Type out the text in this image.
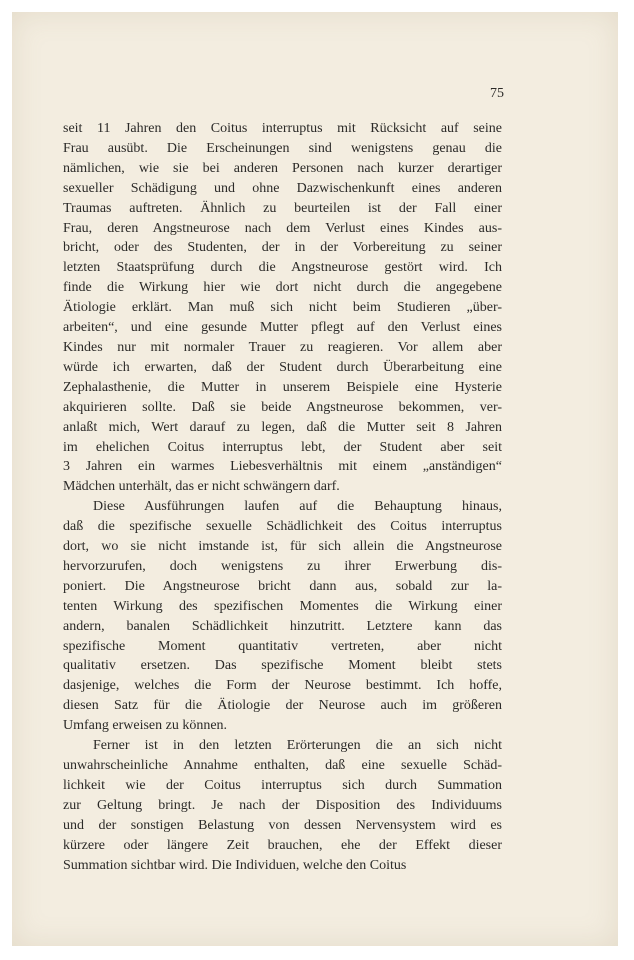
75

seit 11 Jahren den Coitus interruptus mit Rücksicht auf seine
Frau ausübt. Die Erscheinungen sind wenigstens genau die
nämlichen, wie sie bei anderen Personen nach kurzer derartiger
sexueller Schädigung und ohne Dazwischenkunft eines anderen
Traumas auftreten. Ähnlich zu beurteilen ist der Fall einer
Frau, deren Angstneurose nach dem Verlust eines Kindes aus-
bricht, oder des Studenten, der in der Vorbereitung zu seiner
letzten Staatsprüfung durch die Angstneurose gestört wird. Ich
finde die Wirkung hier wie dort nicht durch die angegebene
Ätiologie erklärt. Man muß sich nicht beim Studieren „über-
arbeiten“, und eine gesunde Mutter pflegt auf den Verlust eines
Kindes nur mit normaler Trauer zu reagieren. Vor allem aber
würde ich erwarten, daß der Student durch Überarbeitung eine
Zephalasthenie, die Mutter in unserem Beispiele eine Hysterie
akquirieren sollte. Daß sie beide Angstneurose bekommen, ver-
anlaßt mich, Wert darauf zu legen, daß die Mutter seit 8 Jahren
im ehelichen Coitus interruptus lebt, der Student aber seit
3 Jahren ein warmes Liebesverhältnis mit einem „anständigen“
Mädchen unterhält, das er nicht schwängern darf.
Diese Ausführungen laufen auf die Behauptung hinaus,
daß die spezifische sexuelle Schädlichkeit des Coitus interruptus
dort, wo sie nicht imstande ist, für sich allein die Angstneurose
hervorzurufen, doch wenigstens zu ihrer Erwerbung dis-
poniert. Die Angstneurose bricht dann aus, sobald zur la-
tenten Wirkung des spezifischen Momentes die Wirkung einer
andern, banalen Schädlichkeit hinzutritt. Letztere kann das
spezifische Moment quantitativ vertreten, aber nicht
qualitativ ersetzen. Das spezifische Moment bleibt stets
dasjenige, welches die Form der Neurose bestimmt. Ich hoffe,
diesen Satz für die Ätiologie der Neurose auch im größeren
Umfang erweisen zu können.
Ferner ist in den letzten Erörterungen die an sich nicht
unwahrscheinliche Annahme enthalten, daß eine sexuelle Schäd-
lichkeit wie der Coitus interruptus sich durch Summation
zur Geltung bringt. Je nach der Disposition des Individuums
und der sonstigen Belastung von dessen Nervensystem wird es
kürzere oder längere Zeit brauchen, ehe der Effekt dieser
Summation sichtbar wird. Die Individuen, welche den Coitus
